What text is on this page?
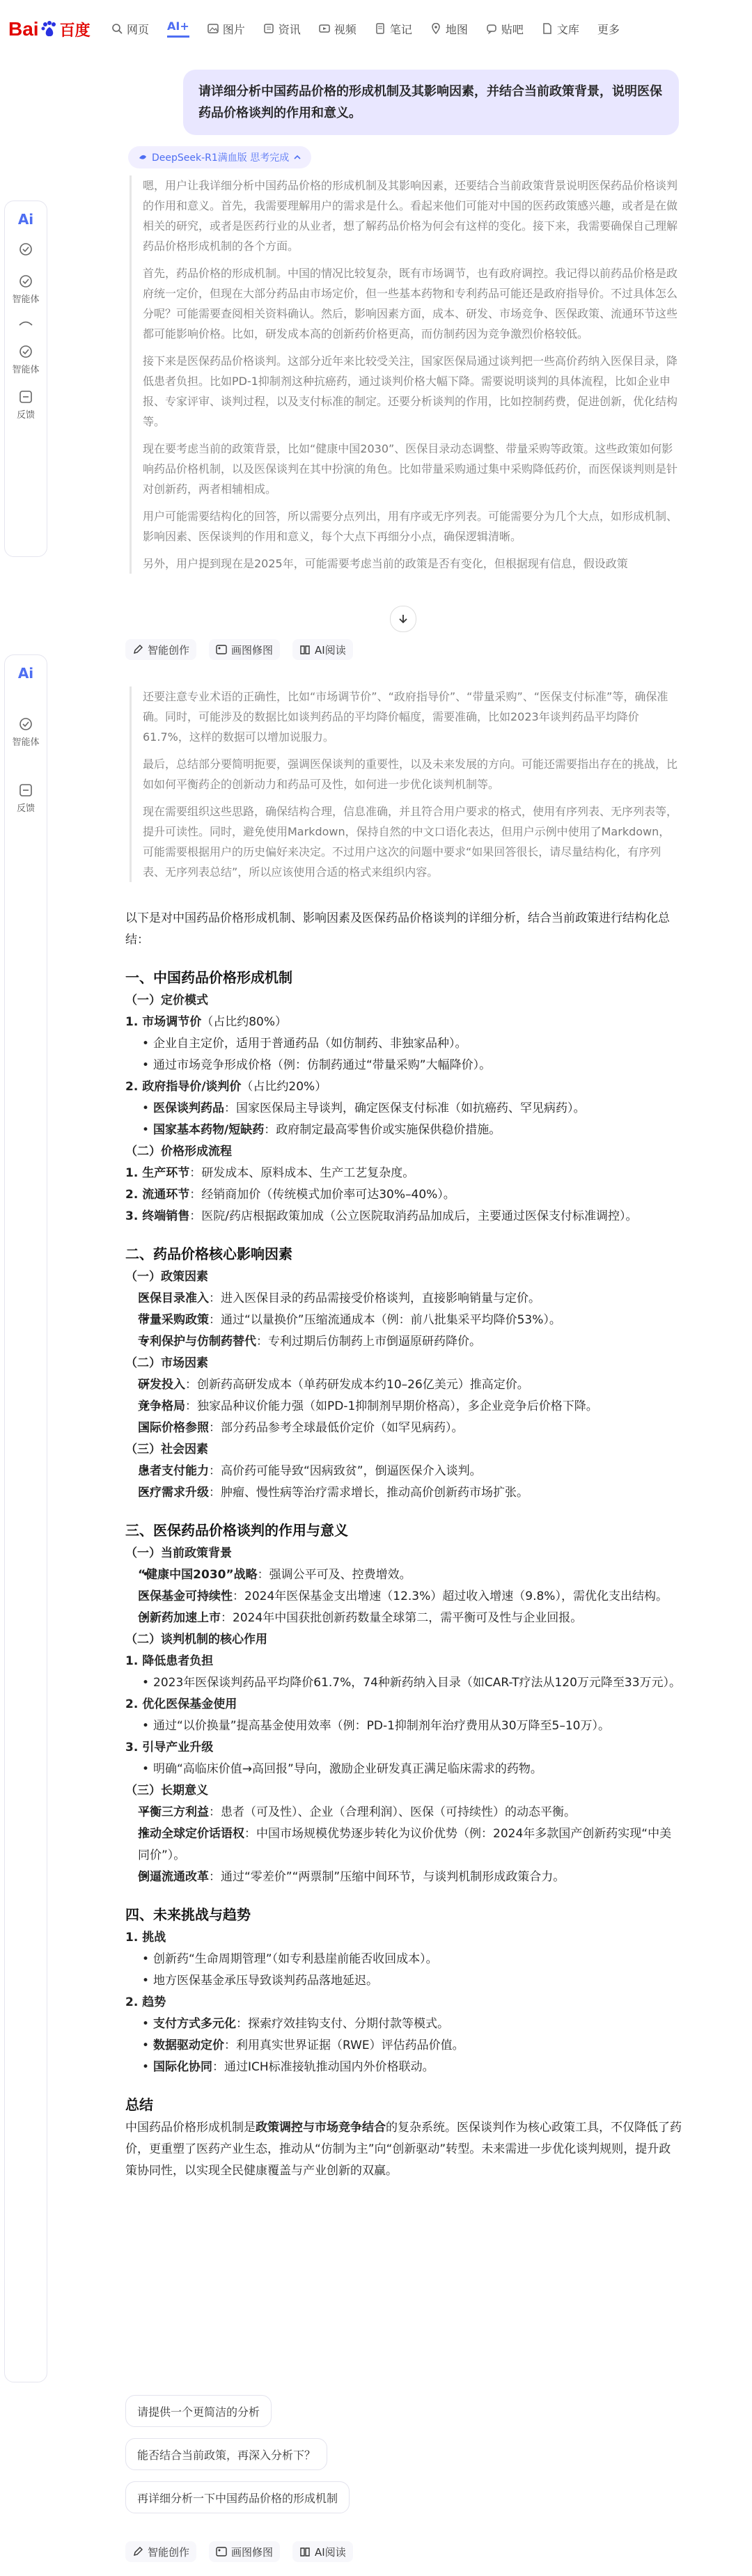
Bai 百度	网页 AI+	图片	资讯	视频	笔记	地图	贴吧	文库 更多
Ai
智能体
智能体
反馈
Ai
智能体
反馈
请详细分析中国药品价格的形成机制及其影响因素，并结合当前政策背景，说明医保药品价格谈判的作用和意义。
DeepSeek-R1满血版 思考完成

嗯，用户让我详细分析中国药品价格的形成机制及其影响因素，还要结合当前政策背景说明医保药品价格谈判的作用和意义。首先，我需要理解用户的需求是什么。看起来他们可能对中国的医药政策感兴趣，或者是在做相关的研究，或者是医药行业的从业者，想了解药品价格为何会有这样的变化。接下来，我需要确保自己理解药品价格形成机制的各个方面。

首先，药品价格的形成机制。中国的情况比较复杂，既有市场调节，也有政府调控。我记得以前药品价格是政府统一定价，但现在大部分药品由市场定价，但一些基本药物和专利药品可能还是政府指导价。不过具体怎么分呢？可能需要查阅相关资料确认。然后，影响因素方面，成本、研发、市场竞争、医保政策、流通环节这些都可能影响价格。比如，研发成本高的创新药价格更高，而仿制药因为竞争激烈价格较低。

接下来是医保药品价格谈判。这部分近年来比较受关注，国家医保局通过谈判把一些高价药纳入医保目录，降低患者负担。比如PD-1抑制剂这种抗癌药，通过谈判价格大幅下降。需要说明谈判的具体流程，比如企业申报、专家评审、谈判过程，以及支付标准的制定。还要分析谈判的作用，比如控制药费，促进创新，优化结构等。

现在要考虑当前的政策背景，比如“健康中国2030”、医保目录动态调整、带量采购等政策。这些政策如何影响药品价格机制，以及医保谈判在其中扮演的角色。比如带量采购通过集中采购降低药价，而医保谈判则是针对创新药，两者相辅相成。

用户可能需要结构化的回答，所以需要分点列出，用有序或无序列表。可能需要分为几个大点，如形成机制、影响因素、医保谈判的作用和意义，每个大点下再细分小点，确保逻辑清晰。

另外，用户提到现在是2025年，可能需要考虑当前的政策是否有变化，但根据现有信息，假设政策

智能创作	画图修图	AI阅读

还要注意专业术语的正确性，比如“市场调节价”、“政府指导价”、“带量采购”、“医保支付标准”等，确保准确。同时，可能涉及的数据比如谈判药品的平均降价幅度，需要准确，比如2023年谈判药品平均降价61.7%，这样的数据可以增加说服力。

最后，总结部分要简明扼要，强调医保谈判的重要性，以及未来发展的方向。可能还需要指出存在的挑战，比如如何平衡药企的创新动力和药品可及性，如何进一步优化谈判机制等。

现在需要组织这些思路，确保结构合理，信息准确，并且符合用户要求的格式，使用有序列表、无序列表等，提升可读性。同时，避免使用Markdown，保持自然的中文口语化表达，但用户示例中使用了Markdown，可能需要根据用户的历史偏好来决定。不过用户这次的问题中要求“如果回答很长，请尽量结构化，有序列表、无序列表总结”，所以应该使用合适的格式来组织内容。

以下是对中国药品价格形成机制、影响因素及医保药品价格谈判的详细分析，结合当前政策进行结构化总结：

一、中国药品价格形成机制
（一）定价模式

1. 市场调节价（占比约80%）

• 企业自主定价，适用于普通药品（如仿制药、非独家品种）。

• 通过市场竞争形成价格（例：仿制药通过“带量采购”大幅降价）。

2. 政府指导价/谈判价（占比约20%）

• 医保谈判药品：国家医保局主导谈判，确定医保支付标准（如抗癌药、罕见病药）。

• 国家基本药物/短缺药：政府制定最高零售价或实施保供稳价措施。

（二）价格形成流程

1. 生产环节：研发成本、原料成本、生产工艺复杂度。

2. 流通环节：经销商加价（传统模式加价率可达30%–40%）。

3. 终端销售：医院/药店根据政策加成（公立医院取消药品加成后，主要通过医保支付标准调控）。

二、药品价格核心影响因素
（一）政策因素

• 医保目录准入：进入医保目录的药品需接受价格谈判，直接影响销量与定价。

• 带量采购政策：通过“以量换价”压缩流通成本（例：前八批集采平均降价53%）。

• 专利保护与仿制药替代：专利过期后仿制药上市倒逼原研药降价。

（二）市场因素

• 研发投入：创新药高研发成本（单药研发成本约10–26亿美元）推高定价。

• 竞争格局：独家品种议价能力强（如PD-1抑制剂早期价格高），多企业竞争后价格下降。

• 国际价格参照：部分药品参考全球最低价定价（如罕见病药）。

（三）社会因素

• 患者支付能力：高价药可能导致“因病致贫”，倒逼医保介入谈判。

• 医疗需求升级：肿瘤、慢性病等治疗需求增长，推动高价创新药市场扩张。

三、医保药品价格谈判的作用与意义
（一）当前政策背景

• “健康中国2030”战略：强调公平可及、控费增效。

• 医保基金可持续性：2024年医保基金支出增速（12.3%）超过收入增速（9.8%），需优化支出结构。

• 创新药加速上市：2024年中国获批创新药数量全球第二，需平衡可及性与企业回报。

（二）谈判机制的核心作用

1. 降低患者负担

• 2023年医保谈判药品平均降价61.7%，74种新药纳入目录（如CAR-T疗法从120万元降至33万元）。

2. 优化医保基金使用

• 通过“以价换量”提高基金使用效率（例：PD-1抑制剂年治疗费用从30万降至5–10万）。

3. 引导产业升级

• 明确“高临床价值→高回报”导向，激励企业研发真正满足临床需求的药物。

（三）长期意义

• 平衡三方利益：患者（可及性）、企业（合理利润）、医保（可持续性）的动态平衡。

• 推动全球定价话语权：中国市场规模优势逐步转化为议价优势（例：2024年多款国产创新药实现“中美同价”）。

• 倒逼流通改革：通过“零差价”“两票制”压缩中间环节，与谈判机制形成政策合力。

四、未来挑战与趋势

1. 挑战

• 创新药“生命周期管理”（如专利悬崖前能否收回成本）。

• 地方医保基金承压导致谈判药品落地延迟。

2. 趋势

• 支付方式多元化：探索疗效挂钩支付、分期付款等模式。

• 数据驱动定价：利用真实世界证据（RWE）评估药品价值。

• 国际化协同：通过ICH标准接轨推动国内外价格联动。

总结

中国药品价格形成机制是政策调控与市场竞争结合的复杂系统。医保谈判作为核心政策工具，不仅降低了药价，更重塑了医药产业生态，推动从“仿制为主”向“创新驱动”转型。未来需进一步优化谈判规则，提升政策协同性，以实现全民健康覆盖与产业创新的双赢。

请提供一个更简洁的分析
能否结合当前政策，再深入分析下？
再详细分析一下中国药品价格的形成机制
智能创作	画图修图	AI阅读
